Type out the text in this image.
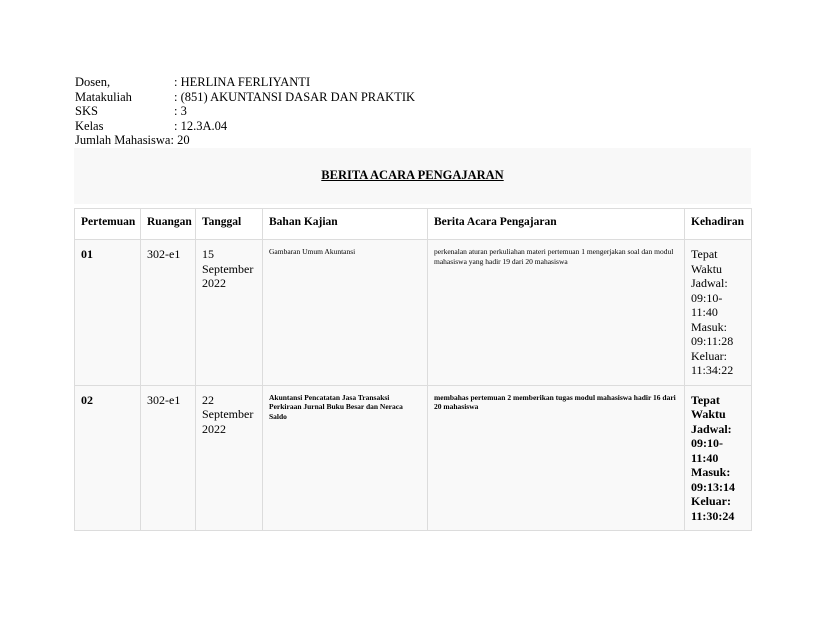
Dosen,	: HERLINA FERLIYANTI
Matakuliah	: (851) AKUNTANSI DASAR DAN PRAKTIK
SKS	: 3
Kelas	: 12.3A.04
Jumlah Mahasiswa : 20
BERITA ACARA PENGAJARAN
Pertemuan	Ruangan	Tanggal	Bahan Kajian	Berita Acara Pengajaran	Kehadiran
01	302-e1	15 September 2022	Gambaran Umum Akuntansi	perkenalan aturan perkuliahan materi pertemuan 1 mengerjakan soal dan modul mahasiswa yang hadir 19 dari 20 mahasiswa	Tepat Waktu Jadwal: 09:10-11:40 Masuk: 09:11:28 Keluar: 11:34:22
02	302-e1	22 September 2022	Akuntansi Pencatatan Jasa Transaksi Perkiraan Jurnal Buku Besar dan Neraca Saldo	membahas pertemuan 2 memberikan tugas modul mahasiswa hadir 16 dari 20 mahasiswa	Tepat Waktu Jadwal: 09:10-11:40 Masuk: 09:13:14 Keluar: 11:30:24
